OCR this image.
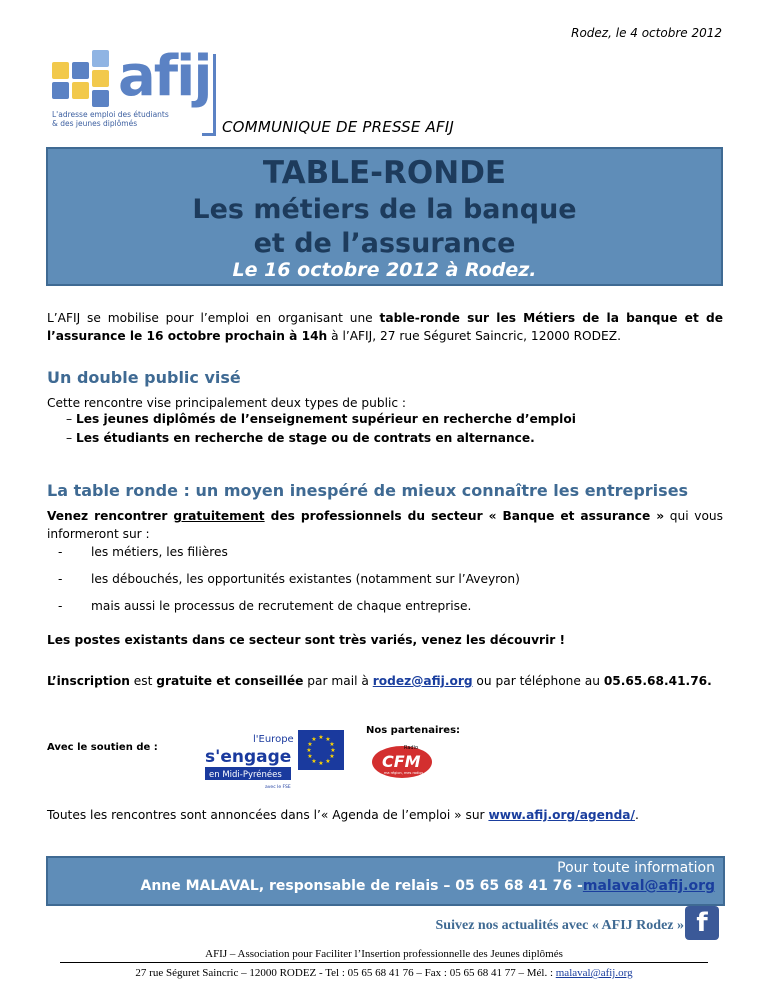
Rodez, le 4 octobre 2012
afij
L'adresse emploi des étudiants & des jeunes diplômés	COMMUNIQUE DE PRESSE AFIJ
TABLE-RONDE
Les métiers de la banque
et de l’assurance
Le 16 octobre 2012 à Rodez.
L’AFIJ se mobilise pour l’emploi en organisant une table-ronde sur les Métiers de la banque et de l’assurance le 16 octobre prochain à 14h à l’AFIJ, 27 rue Séguret Saincric, 12000 RODEZ.
Un double public visé
Cette rencontre vise principalement deux types de public :
– Les jeunes diplômés de l’enseignement supérieur en recherche d’emploi
– Les étudiants en recherche de stage ou de contrats en alternance.
La table ronde : un moyen inespéré de mieux connaître les entreprises
Venez rencontrer gratuitement des professionnels du secteur « Banque et assurance » qui vous informeront sur :
- les métiers, les filières
- les débouchés, les opportunités existantes (notamment sur l’Aveyron)
- mais aussi le processus de recrutement de chaque entreprise.
Les postes existants dans ce secteur sont très variés, venez les découvrir !
L’inscription est gratuite et conseillée par mail à rodez@afij.org ou par téléphone au 05.65.68.41.76.
Avec le soutien de :
Nos partenaires:
l'Europe
s'engage
en Midi-Pyrénées
avec le FSE
★ ★
★
★
★
★
★
★
★
★
★
★
Radio
CFM
ma région, mes radios
Toutes les rencontres sont annoncées dans l’« Agenda de l’emploi » sur www.afij.org/agenda/.
Pour toute information
Anne MALAVAL, responsable de relais – 05 65 68 41 76 -malaval@afij.org
Suivez nos actualités avec « AFIJ Rodez » f
AFIJ – Association pour Faciliter l’Insertion professionnelle des Jeunes diplômés
27 rue Séguret Saincric – 12000 RODEZ - Tel : 05 65 68 41 76 – Fax : 05 65 68 41 77 – Mél. : malaval@afij.org
